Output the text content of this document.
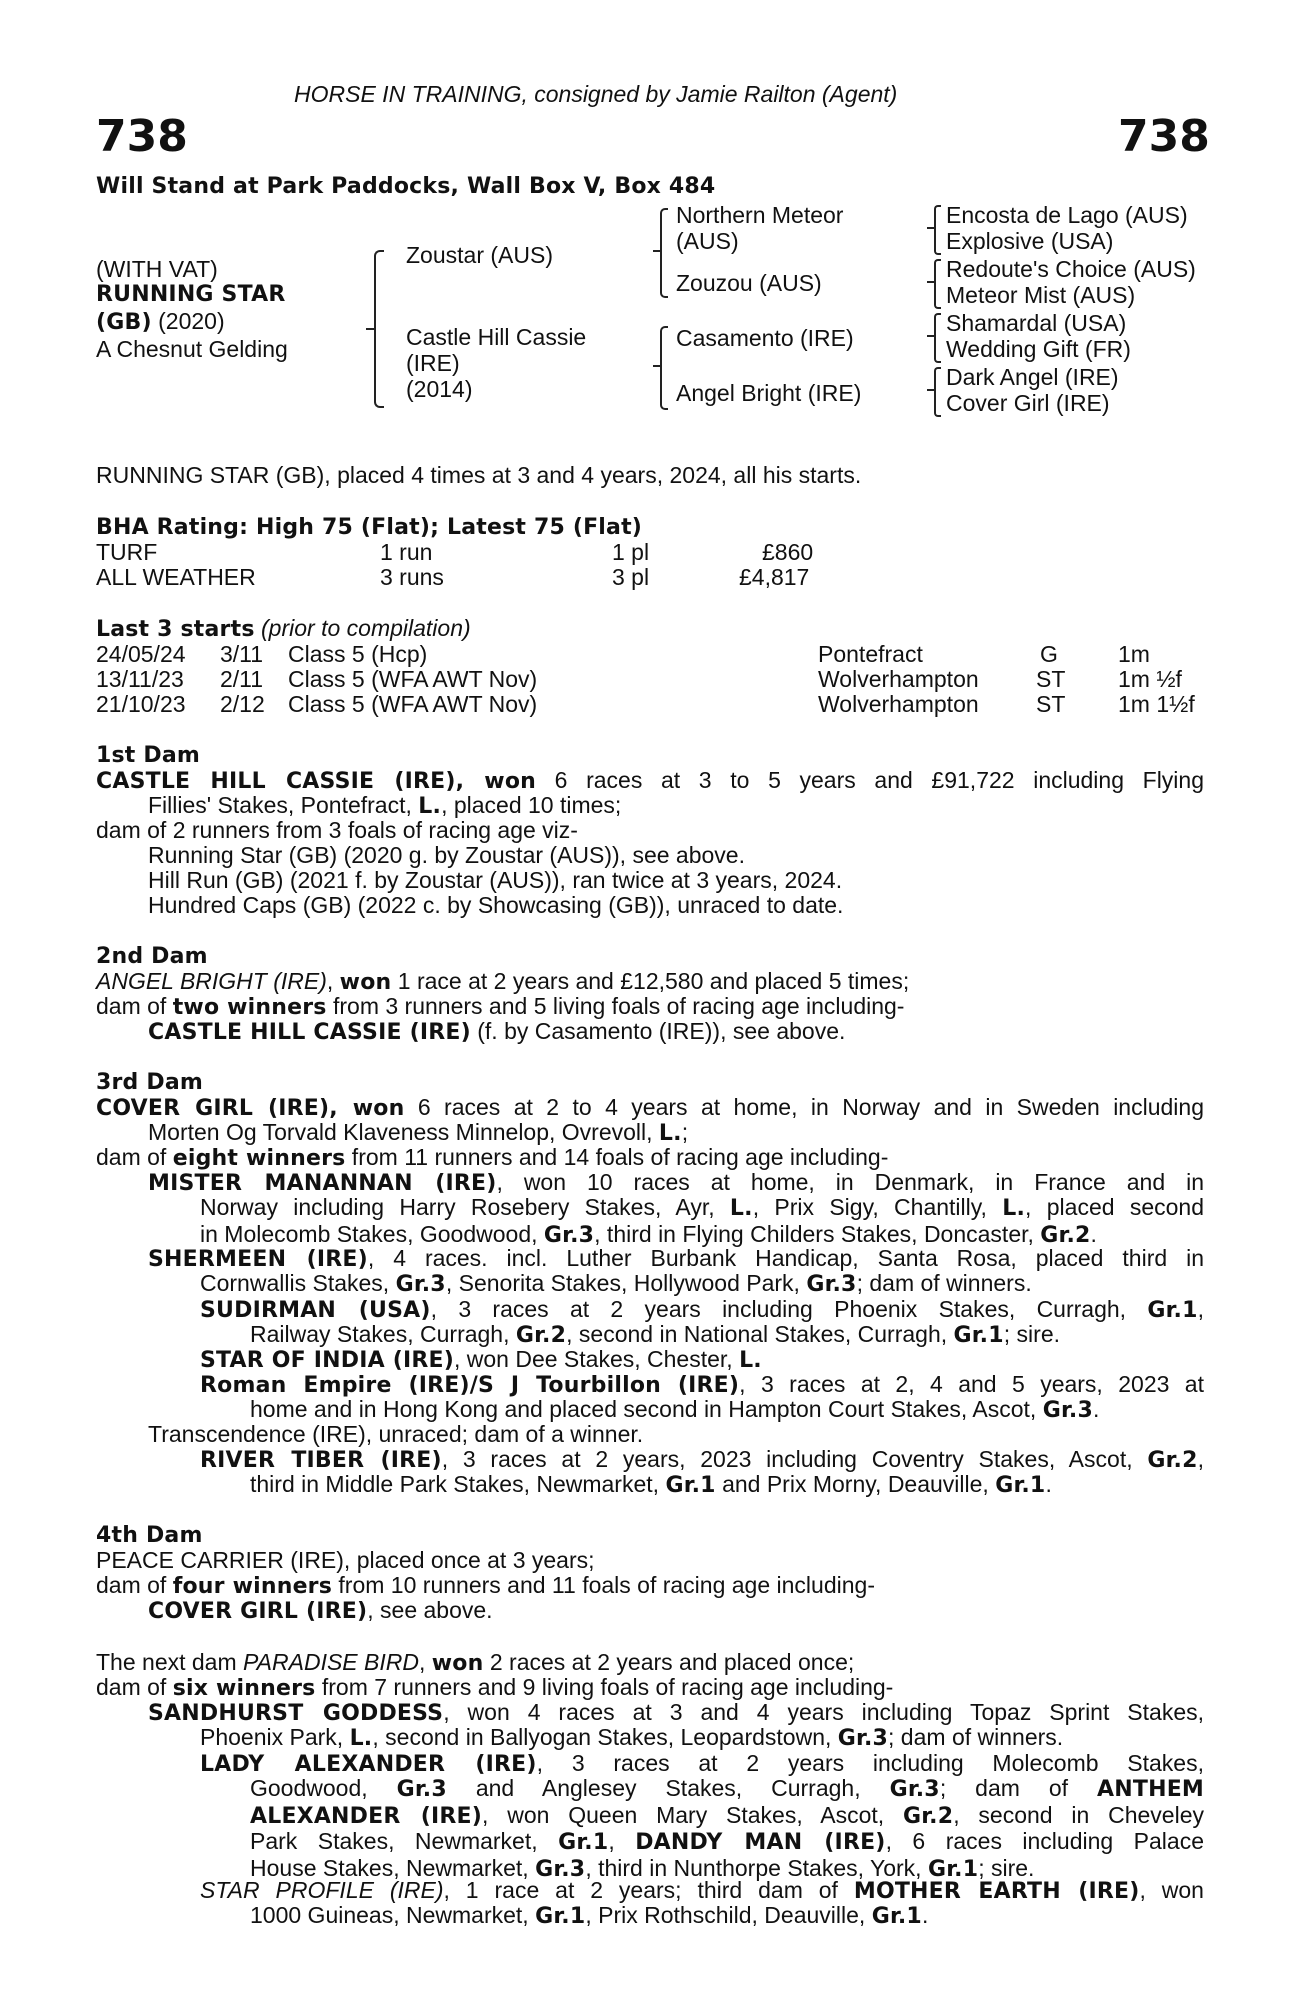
HORSE IN TRAINING, consigned by Jamie Railton (Agent)
738	738
Will Stand at Park Paddocks, Wall Box V, Box 484
(WITH VAT)
RUNNING STAR
(GB) (2020)
A Chesnut Gelding
Zoustar (AUS)
Castle Hill Cassie
(IRE)
(2014)
Northern Meteor
(AUS)
Zouzou (AUS)
Casamento (IRE)
Angel Bright (IRE)
Encosta de Lago (AUS)
Explosive (USA)
Redoute's Choice (AUS)
Meteor Mist (AUS)
Shamardal (USA)
Wedding Gift (FR)
Dark Angel (IRE)
Cover Girl (IRE)
RUNNING STAR (GB), placed 4 times at 3 and 4 years, 2024, all his starts.
BHA Rating: High 75 (Flat); Latest 75 (Flat)
TURF	1 run	1 pl	£860
ALL WEATHER	3 runs	3 pl	£4,817
Last 3 starts (prior to compilation)
24/05/24 3/11 Class 5 (Hcp)	Pontefract	G	1m
13/11/23 2/11 Class 5 (WFA AWT Nov)	Wolverhampton ST 1m ½f
21/10/23 2/12 Class 5 (WFA AWT Nov)	Wolverhampton ST 1m 1½f
1st Dam
CASTLE HILL CASSIE (IRE), won 6 races at 3 to 5 years and £91,722 including Flying
Fillies' Stakes, Pontefract, L., placed 10 times;
dam of 2 runners from 3 foals of racing age viz-
Running Star (GB) (2020 g. by Zoustar (AUS)), see above.
Hill Run (GB) (2021 f. by Zoustar (AUS)), ran twice at 3 years, 2024.
Hundred Caps (GB) (2022 c. by Showcasing (GB)), unraced to date.
2nd Dam
ANGEL BRIGHT (IRE), won 1 race at 2 years and £12,580 and placed 5 times;
dam of two winners from 3 runners and 5 living foals of racing age including-
CASTLE HILL CASSIE (IRE) (f. by Casamento (IRE)), see above.
3rd Dam
COVER GIRL (IRE), won 6 races at 2 to 4 years at home, in Norway and in Sweden including
Morten Og Torvald Klaveness Minnelop, Ovrevoll, L.;
dam of eight winners from 11 runners and 14 foals of racing age including-
MISTER MANANNAN (IRE), won 10 races at home, in Denmark, in France and in
Norway including Harry Rosebery Stakes, Ayr, L., Prix Sigy, Chantilly, L., placed second
in Molecomb Stakes, Goodwood, Gr.3, third in Flying Childers Stakes, Doncaster, Gr.2.
SHERMEEN (IRE), 4 races. incl. Luther Burbank Handicap, Santa Rosa, placed third in
Cornwallis Stakes, Gr.3, Senorita Stakes, Hollywood Park, Gr.3; dam of winners.
SUDIRMAN (USA), 3 races at 2 years including Phoenix Stakes, Curragh, Gr.1,
Railway Stakes, Curragh, Gr.2, second in National Stakes, Curragh, Gr.1; sire.
STAR OF INDIA (IRE), won Dee Stakes, Chester, L.
Roman Empire (IRE)/S J Tourbillon (IRE), 3 races at 2, 4 and 5 years, 2023 at
home and in Hong Kong and placed second in Hampton Court Stakes, Ascot, Gr.3.
Transcendence (IRE), unraced; dam of a winner.
RIVER TIBER (IRE), 3 races at 2 years, 2023 including Coventry Stakes, Ascot, Gr.2,
third in Middle Park Stakes, Newmarket, Gr.1 and Prix Morny, Deauville, Gr.1.
4th Dam
PEACE CARRIER (IRE), placed once at 3 years;
dam of four winners from 10 runners and 11 foals of racing age including-
COVER GIRL (IRE), see above.
The next dam PARADISE BIRD, won 2 races at 2 years and placed once;
dam of six winners from 7 runners and 9 living foals of racing age including-
SANDHURST GODDESS, won 4 races at 3 and 4 years including Topaz Sprint Stakes,
Phoenix Park, L., second in Ballyogan Stakes, Leopardstown, Gr.3; dam of winners.
LADY ALEXANDER (IRE), 3 races at 2 years including Molecomb Stakes,
Goodwood, Gr.3 and Anglesey Stakes, Curragh, Gr.3; dam of ANTHEM
ALEXANDER (IRE), won Queen Mary Stakes, Ascot, Gr.2, second in Cheveley
Park Stakes, Newmarket, Gr.1, DANDY MAN (IRE), 6 races including Palace
House Stakes, Newmarket, Gr.3, third in Nunthorpe Stakes, York, Gr.1; sire.
STAR PROFILE (IRE), 1 race at 2 years; third dam of MOTHER EARTH (IRE), won
1000 Guineas, Newmarket, Gr.1, Prix Rothschild, Deauville, Gr.1.
